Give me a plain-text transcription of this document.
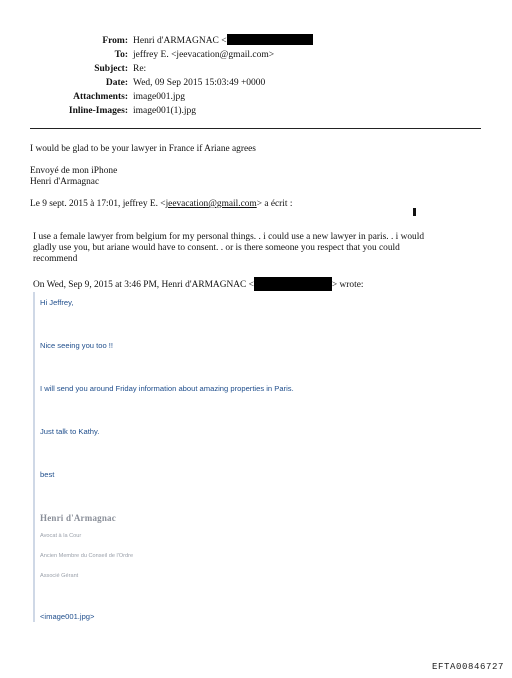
From: Henri d'ARMAGNAC <
To: jeffrey E. <jeevacation@gmail.com>
Subject: Re:
Date: Wed, 09 Sep 2015 15:03:49 +0000
Attachments: image001.jpg
Inline-Images: image001(1).jpg
I would be glad to be your lawyer in France if Ariane agrees
Envoyé de mon iPhone
Henri d'Armagnac
Le 9 sept. 2015 à 17:01, jeffrey E. <jeevacation@gmail.com> a écrit :
I use a female lawyer from belgium for my personal things. . i could use a new lawyer in paris. . i would
gladly use you, but ariane would have to consent. . or is there someone you respect that you could
recommend
On Wed, Sep 9, 2015 at 3:46 PM, Henri d'ARMAGNAC <	> wrote:
Hi Jeffrey,
Nice seeing you too !!
I will send you around Friday information about amazing properties in Paris.
Just talk to Kathy.
best
Henri d'Armagnac
Avocat à la Cour
Ancien Membre du Conseil de l'Ordre
Associé Gérant
<image001.jpg>
EFTA00846727
